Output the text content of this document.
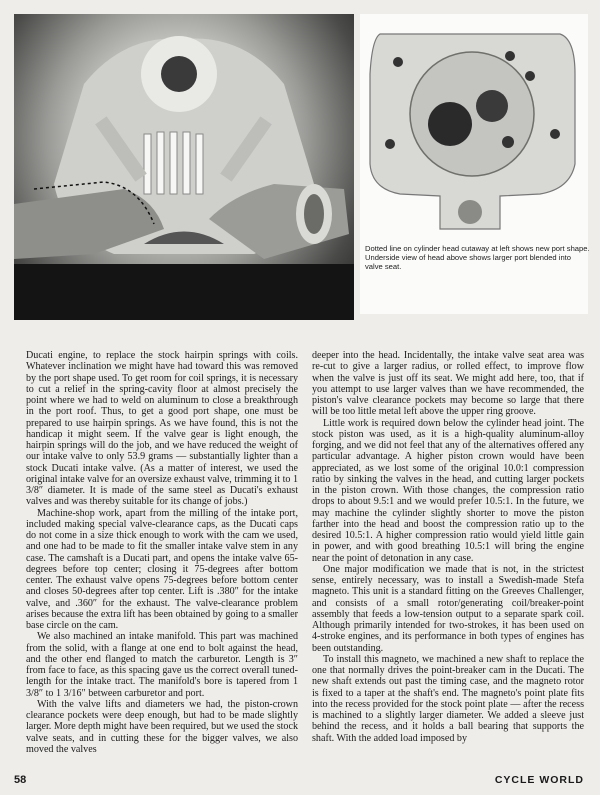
Dotted line on cylinder head cutaway at left shows new port shape. Underside view of head above shows larger port blended into valve seat.

Ducati engine, to replace the stock hairpin springs with coils. Whatever inclination we might have had toward this was removed by the port shape used. To get room for coil springs, it is necessary to cut a relief in the spring-cavity floor at almost precisely the point where we had to weld on aluminum to close a breakthrough in the port roof. Thus, to get a good port shape, one must be prepared to use hairpin springs. As we have found, this is not the handicap it might seem. If the valve gear is light enough, the hairpin springs will do the job, and we have reduced the weight of our intake valve to only 53.9 grams — substantially lighter than a stock Ducati intake valve. (As a matter of interest, we used the original intake valve for an oversize exhaust valve, trimming it to 1 3/8″ diameter. It is made of the same steel as Ducati's exhaust valves and was thereby suitable for its change of jobs.)

Machine-shop work, apart from the milling of the intake port, included making special valve-clearance caps, as the Ducati caps do not come in a size thick enough to work with the cam we used, and one had to be made to fit the smaller intake valve stem in any case. The camshaft is a Ducati part, and opens the intake valve 65-degrees before top center; closing it 75-degrees after bottom center. The exhaust valve opens 75-degrees before bottom center and closes 50-degrees after top center. Lift is .380″ for the intake valve, and .360″ for the exhaust. The valve-clearance problem arises because the extra lift has been obtained by going to a smaller base circle on the cam.

We also machined an intake manifold. This part was machined from the solid, with a flange at one end to bolt against the head, and the other end flanged to match the carburetor. Length is 3″ from face to face, as this spacing gave us the correct overall tuned-length for the intake tract. The manifold's bore is tapered from 1 3/8″ to 1 3/16″ between carburetor and port.

With the valve lifts and diameters we had, the piston-crown clearance pockets were deep enough, but had to be made slightly larger. More depth might have been required, but we used the stock valve seats, and in cutting these for the bigger valves, we also moved the valves

deeper into the head. Incidentally, the intake valve seat area was re-cut to give a larger radius, or rolled effect, to improve flow when the valve is just off its seat. We might add here, too, that if you attempt to use larger valves than we have recommended, the piston's valve clearance pockets may become so large that there will be too little metal left above the upper ring groove.

Little work is required down below the cylinder head joint. The stock piston was used, as it is a high-quality aluminum-alloy forging, and we did not feel that any of the alternatives offered any particular advantage. A higher piston crown would have been appreciated, as we lost some of the original 10.0:1 compression ratio by sinking the valves in the head, and cutting larger pockets in the piston crown. With those changes, the compression ratio drops to about 9.5:1 and we would prefer 10.5:1. In the future, we may machine the cylinder slightly shorter to move the piston farther into the head and boost the compression ratio up to the desired 10.5:1. A higher compression ratio would yield little gain in power, and with good breathing 10.5:1 will bring the engine near the point of detonation in any case.

One major modification we made that is not, in the strictest sense, entirely necessary, was to install a Swedish-made Stefa magneto. This unit is a standard fitting on the Greeves Challenger, and consists of a small rotor/generating coil/breaker-point assembly that feeds a low-tension output to a separate spark coil. Although primarily intended for two-strokes, it has been used on 4-stroke engines, and its performance in both types of engines has been outstanding.

To install this magneto, we machined a new shaft to replace the one that normally drives the point-breaker cam in the Ducati. The new shaft extends out past the timing case, and the magneto rotor is fixed to a taper at the shaft's end. The magneto's point plate fits into the recess provided for the stock point plate — after the recess is machined to a slightly larger diameter. We added a sleeve just behind the recess, and it holds a ball bearing that supports the shaft. With the added load imposed by

58	CYCLE WORLD
